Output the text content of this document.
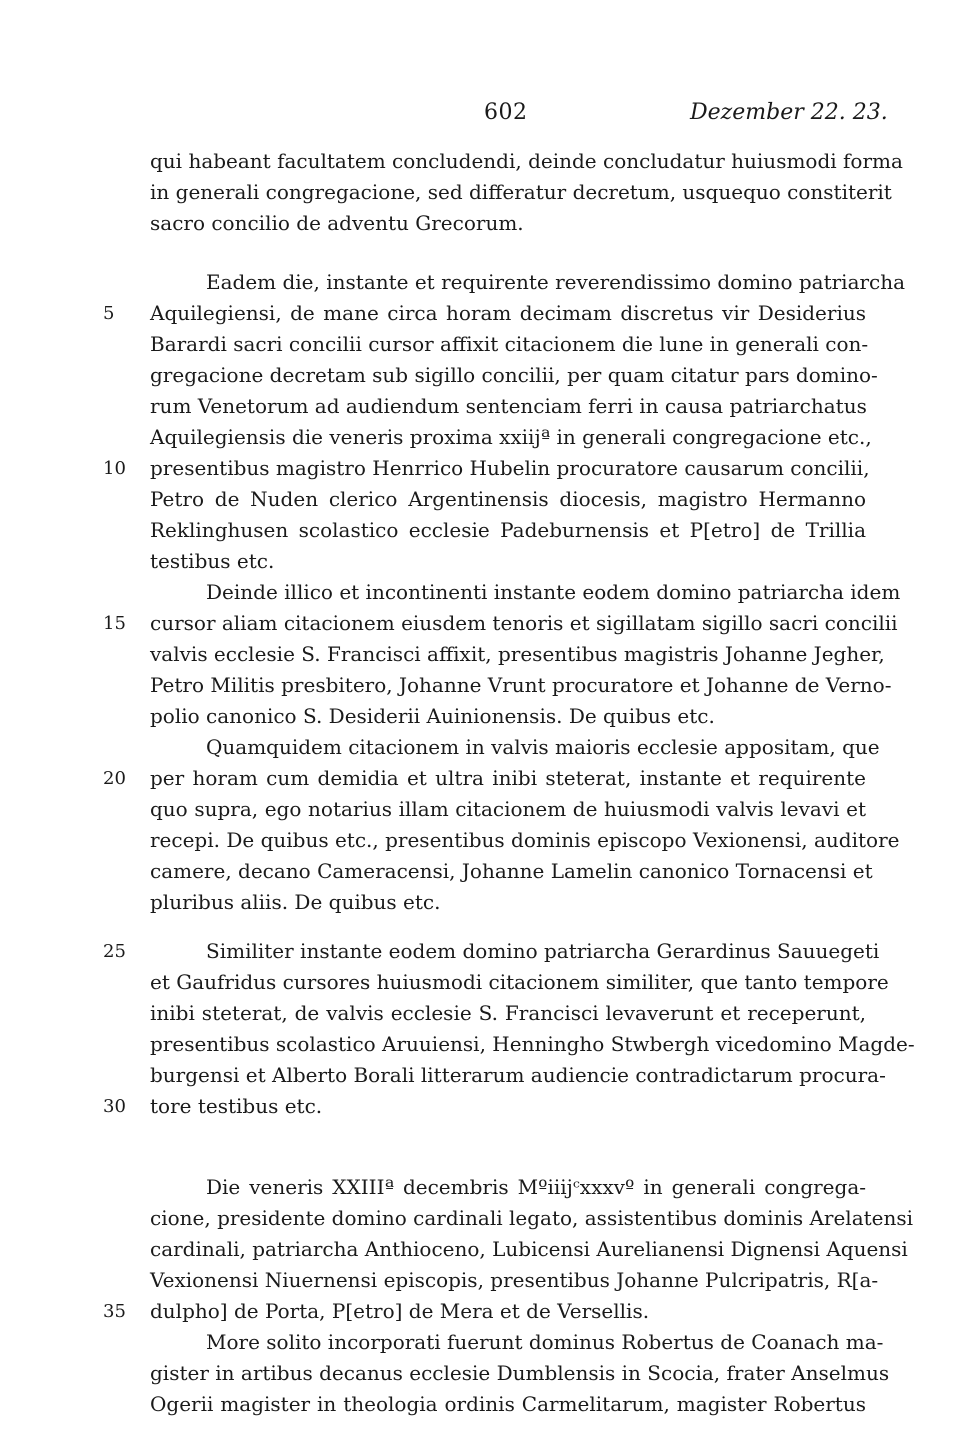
602	Dezember 22. 23.
qui habeant facultatem concludendi, deinde concludatur huiusmodi forma
in generali congregacione, sed differatur decretum, usquequo constiterit
sacro concilio de adventu Grecorum.
Eadem die, instante et requirente reverendissimo domino patriarcha
5	Aquilegiensi, de mane circa horam decimam discretus vir Desiderius
Barardi sacri concilii cursor affixit citacionem die lune in generali con-
gregacione decretam sub sigillo concilii, per quam citatur pars domino-
rum Venetorum ad audiendum sentenciam ferri in causa patriarchatus
Aquilegiensis die veneris proxima xxiijª in generali congregacione etc.,
10	presentibus magistro Henrrico Hubelin procuratore causarum concilii,
Petro de Nuden clerico Argentinensis diocesis, magistro Hermanno
Reklinghusen scolastico ecclesie Padeburnensis et P[etro] de Trillia
testibus etc.
Deinde illico et incontinenti instante eodem domino patriarcha idem
15	cursor aliam citacionem eiusdem tenoris et sigillatam sigillo sacri concilii
valvis ecclesie S. Francisci affixit, presentibus magistris Johanne Jegher,
Petro Militis presbitero, Johanne Vrunt procuratore et Johanne de Verno-
polio canonico S. Desiderii Auinionensis. De quibus etc.
Quamquidem citacionem in valvis maioris ecclesie appositam, que
20	per horam cum demidia et ultra inibi steterat, instante et requirente
quo supra, ego notarius illam citacionem de huiusmodi valvis levavi et
recepi. De quibus etc., presentibus dominis episcopo Vexionensi, auditore
camere, decano Cameracensi, Johanne Lamelin canonico Tornacensi et
pluribus aliis. De quibus etc.
25	Similiter instante eodem domino patriarcha Gerardinus Sauuegeti
et Gaufridus cursores huiusmodi citacionem similiter, que tanto tempore
inibi steterat, de valvis ecclesie S. Francisci levaverunt et receperunt,
presentibus scolastico Aruuiensi, Henningho Stwbergh vicedomino Magde-
burgensi et Alberto Borali litterarum audiencie contradictarum procura-
30	tore testibus etc.
Die veneris XXIIIª decembris Mºiiijᶜxxxvº in generali congrega-
cione, presidente domino cardinali legato, assistentibus dominis Arelatensi
cardinali, patriarcha Anthioceno, Lubicensi Aurelianensi Dignensi Aquensi
Vexionensi Niuernensi episcopis, presentibus Johanne Pulcripatris, R[a-
35	dulpho] de Porta, P[etro] de Mera et de Versellis.
More solito incorporati fuerunt dominus Robertus de Coanach ma-
gister in artibus decanus ecclesie Dumblensis in Scocia, frater Anselmus
Ogerii magister in theologia ordinis Carmelitarum, magister Robertus
